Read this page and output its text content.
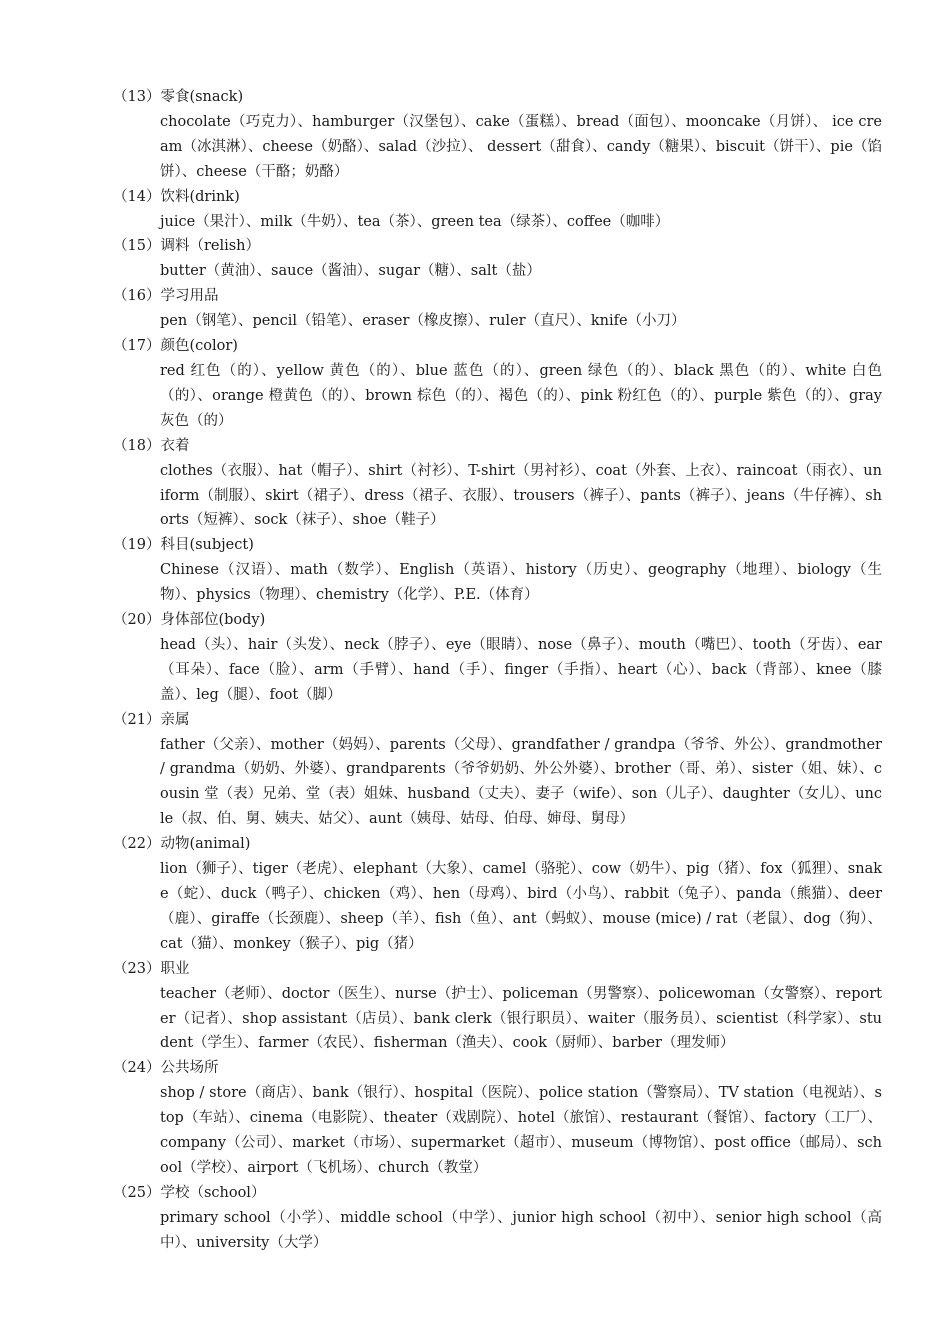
（13）零食(snack)
chocolate（巧克力）、hamburger（汉堡包）、cake（蛋糕）、bread（面包）、mooncake（月饼）、 ice cream（冰淇淋）、cheese（奶酪）、salad（沙拉）、 dessert（甜食）、candy（糖果）、biscuit（饼干）、pie（馅饼）、cheese（干酪；奶酪）
（14）饮料(drink)
juice（果汁）、milk（牛奶）、tea（茶）、green tea（绿茶）、coffee（咖啡）
（15）调料（relish）
butter（黄油）、sauce（酱油）、sugar（糖）、salt（盐）
（16）学习用品
pen（钢笔）、pencil（铅笔）、eraser（橡皮擦）、ruler（直尺）、knife（小刀）
（17）颜色(color)
red 红色（的）、yellow 黄色（的）、blue 蓝色（的）、green 绿色（的）、black 黑色（的）、white 白色（的）、orange 橙黄色（的）、brown 棕色（的）、褐色（的）、pink 粉红色（的）、purple 紫色（的）、gray 灰色（的）
（18）衣着
clothes（衣服）、hat（帽子）、shirt（衬衫）、T-shirt（男衬衫）、coat（外套、上衣）、raincoat（雨衣）、uniform（制服）、skirt（裙子）、dress（裙子、衣服）、trousers（裤子）、pants（裤子）、jeans（牛仔裤）、shorts（短裤）、sock（袜子）、shoe（鞋子）
（19）科目(subject)
Chinese（汉语）、math（数学）、English（英语）、history（历史）、geography（地理）、biology（生物）、physics（物理）、chemistry（化学）、P.E.（体育）
（20）身体部位(body)
head（头）、hair（头发）、neck（脖子）、eye（眼睛）、nose（鼻子）、mouth（嘴巴）、tooth（牙齿）、ear（耳朵）、face（脸）、arm（手臂）、hand（手）、finger（手指）、heart（心）、back（背部）、knee（膝盖）、leg（腿）、foot（脚）
（21）亲属
father（父亲）、mother（妈妈）、parents（父母）、grandfather / grandpa（爷爷、外公）、grandmother / grandma（奶奶、外婆）、grandparents（爷爷奶奶、外公外婆）、brother（哥、弟）、sister（姐、妹）、cousin 堂（表）兄弟、堂（表）姐妹、husband（丈夫）、妻子（wife）、son（儿子）、daughter（女儿）、uncle（叔、伯、舅、姨夫、姑父）、aunt（姨母、姑母、伯母、婶母、舅母）
（22）动物(animal)
lion（狮子）、tiger（老虎）、elephant（大象）、camel（骆驼）、cow（奶牛）、pig（猪）、fox（狐狸）、snake（蛇）、duck（鸭子）、chicken（鸡）、hen（母鸡）、bird（小鸟）、rabbit（兔子）、panda（熊猫）、deer（鹿）、giraffe（长颈鹿）、sheep（羊）、fish（鱼）、ant（蚂蚁）、mouse (mice) / rat（老鼠）、dog（狗）、cat（猫）、monkey（猴子）、pig（猪）
（23）职业
teacher（老师）、doctor（医生）、nurse（护士）、policeman（男警察）、policewoman（女警察）、reporter（记者）、shop assistant（店员）、bank clerk（银行职员）、waiter（服务员）、scientist（科学家）、student（学生）、farmer（农民）、fisherman（渔夫）、cook（厨师）、barber（理发师）
（24）公共场所
shop / store（商店）、bank（银行）、hospital（医院）、police station（警察局）、TV station（电视站）、stop（车站）、cinema（电影院）、theater（戏剧院）、hotel（旅馆）、restaurant（餐馆）、factory（工厂）、company（公司）、market（市场）、supermarket（超市）、museum（博物馆）、post office（邮局）、school（学校）、airport（飞机场）、church（教堂）
（25）学校（school）
primary school（小学）、middle school（中学）、junior high school（初中）、senior high school（高中）、university（大学）
